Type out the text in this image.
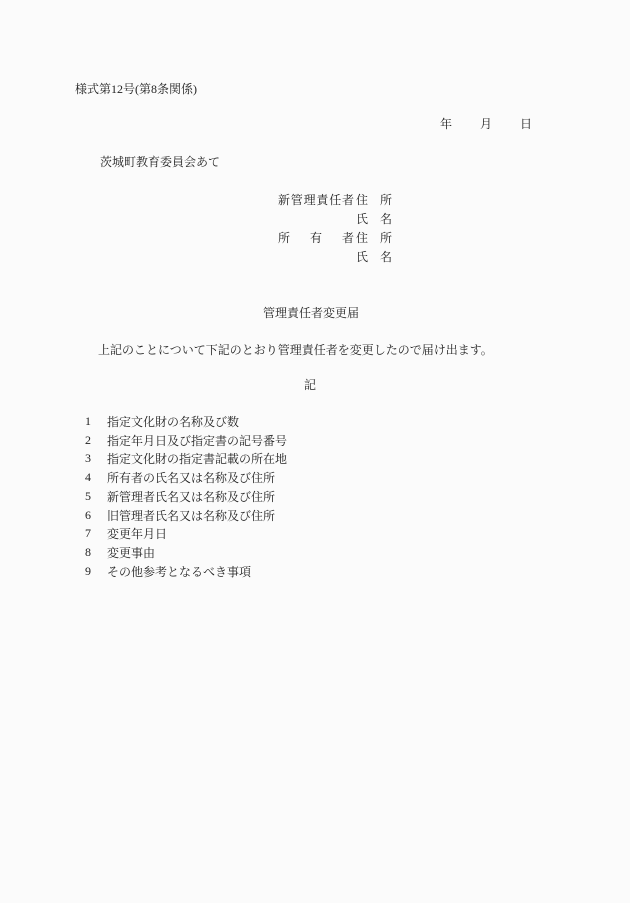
様式第12号(第8条関係)
年 月 日
茨城町教育委員会あて
新管理責任者 住　所
氏　名
所有者 住　所
氏　名
管理責任者変更届
上記のことについて下記のとおり管理責任者を変更したので届け出ます。
記
1	指定文化財の名称及び数
2	指定年月日及び指定書の記号番号
3	指定文化財の指定書記載の所在地
4	所有者の氏名又は名称及び住所
5	新管理者氏名又は名称及び住所
6	旧管理者氏名又は名称及び住所
7	変更年月日
8	変更事由
9	その他参考となるべき事項
